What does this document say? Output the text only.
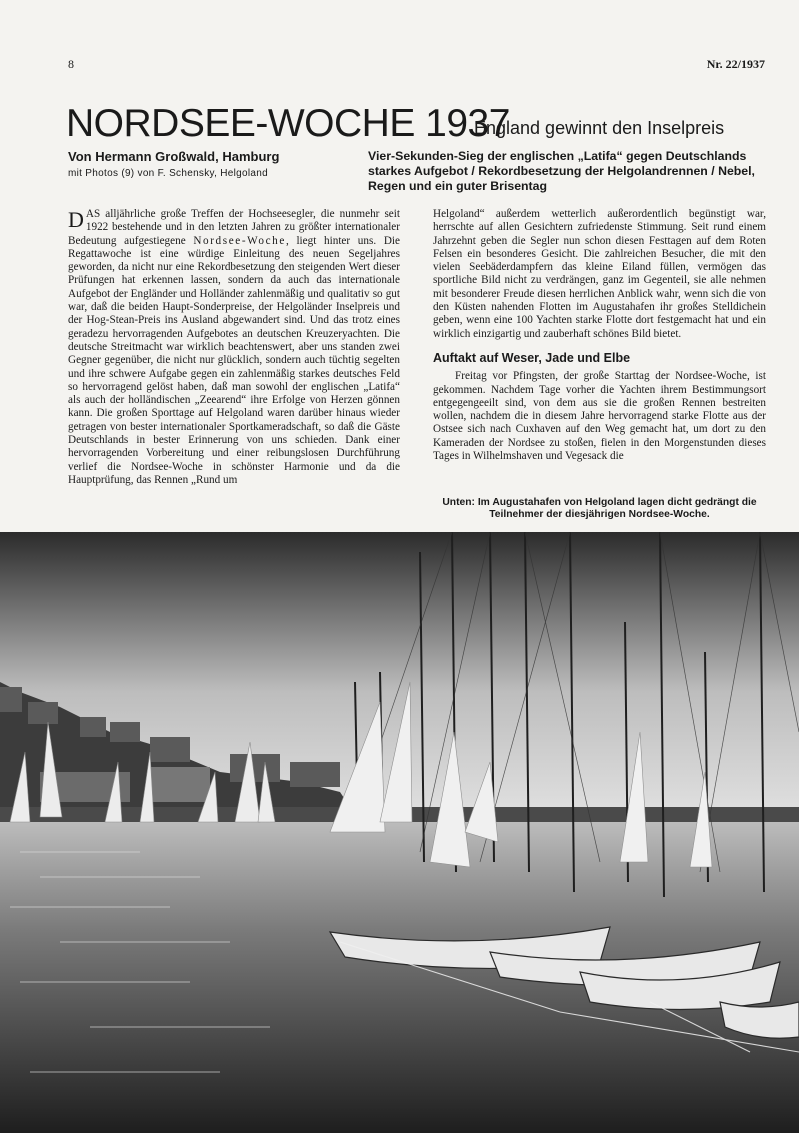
8	Nr. 22/1937
NORDSEE-WOCHE 1937
England gewinnt den Inselpreis
Von Hermann Großwald, Hamburg
mit Photos (9) von F. Schensky, Helgoland
Vier-Sekunden-Sieg der englischen „Latifa“ gegen Deutschlands starkes Aufgebot / Rekordbesetzung der Helgolandrennen / Nebel, Regen und ein guter Brisentag

DAS alljährliche große Treffen der Hochseesegler, die nunmehr seit 1922 bestehende und in den letzten Jahren zu größter internationaler Bedeutung aufgestiegene Nordsee-Woche, liegt hinter uns. Die Regattawoche ist eine würdige Einleitung des neuen Segeljahres geworden, da nicht nur eine Rekordbesetzung den steigenden Wert dieser Prüfungen hat erkennen lassen, sondern da auch das internationale Aufgebot der Engländer und Holländer zahlenmäßig und qualitativ so gut war, daß die beiden Haupt-Sonderpreise, der Helgoländer Inselpreis und der Hog-Stean-Preis ins Ausland abgewandert sind. Und das trotz eines geradezu hervorragenden Aufgebotes an deutschen Kreuzeryachten. Die deutsche Streitmacht war wirklich beachtenswert, aber uns standen zwei Gegner gegenüber, die nicht nur glücklich, sondern auch tüchtig segelten und ihre schwere Aufgabe gegen ein zahlenmäßig starkes deutsches Feld so hervorragend gelöst haben, daß man sowohl der englischen „Latifa“ als auch der holländischen „Zeearend“ ihre Erfolge von Herzen gönnen kann. Die großen Sporttage auf Helgoland waren darüber hinaus wieder getragen von bester internationaler Sportkameradschaft, so daß die Gäste Deutschlands in bester Erinnerung von uns schieden. Dank einer hervorragenden Vorbereitung und einer reibungslosen Durchführung verlief die Nordsee-Woche in schönster Harmonie und da die Hauptprüfung, das Rennen „Rund um

Helgoland“ außerdem wetterlich außerordentlich begünstigt war, herrschte auf allen Gesichtern zufriedenste Stimmung. Seit rund einem Jahrzehnt geben die Segler nun schon diesen Festtagen auf dem Roten Felsen ein besonderes Gesicht. Die zahlreichen Besucher, die mit den vielen Seebäderdampfern das kleine Eiland füllen, vermögen das sportliche Bild nicht zu verdrängen, ganz im Gegenteil, sie alle nehmen mit besonderer Freude diesen herrlichen Anblick wahr, wenn sich die von den Küsten nahenden Flotten im Augustahafen ihr großes Stelldichein geben, wenn eine 100 Yachten starke Flotte dort festgemacht hat und ein wirklich einzigartig und zauberhaft schönes Bild bietet.

Auftakt auf Weser, Jade und Elbe

Freitag vor Pfingsten, der große Starttag der Nordsee-Woche, ist gekommen. Nachdem Tage vorher die Yachten ihrem Bestimmungsort entgegengeeilt sind, von dem aus sie die großen Rennen bestreiten wollen, nachdem die in diesem Jahre hervorragend starke Flotte aus der Ostsee sich nach Cuxhaven auf den Weg gemacht hat, um dort zu den Kameraden der Nordsee zu stoßen, fielen in den Morgenstunden dieses Tages in Wilhelmshaven und Vegesack die

Unten: Im Augustahafen von Helgoland lagen dicht gedrängt die Teilnehmer der diesjährigen Nordsee-Woche.
